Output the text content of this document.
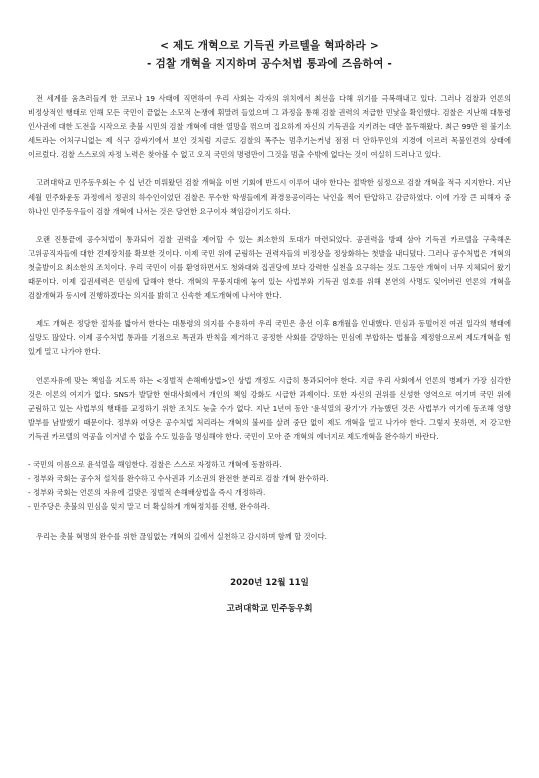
< 제도 개혁으로 기득권 카르텔을 혁파하라 >
- 검찰 개혁을 지지하며 공수처법 통과에 즈음하여 -

전 세계를 움츠러들게 한 코로나 19 사태에 직면하여 우리 사회는 각자의 위치에서 최선을 다해 위기를 극복해내고 있다. 그러나 검찰과 언론의 비정상적인 행태로 인해 모든 국민이 끝없는 소모적 논쟁에 휘말려 들었으며 그 과정을 통해 검찰 권력의 저급한 민낯을 확인했다. 검찰은 지난해 대통령 인사권에 대한 도전을 시작으로 촛불 시민의 검찰 개혁에 대한 열망을 꺾으며 집요하게 자신의 기득권을 지키려는 대만 몰두해왔다. 최근 99만 원 불기소 세트라는 어처구니없는 제 식구 감싸기에서 보인 것처럼 지금도 검찰의 폭주는 멈추기는커녕 점점 더 안하무인의 지경에 이르러 목불인견의 상태에 이르렀다. 검찰 스스로의 자정 노력은 찾아볼 수 없고 오직 국민의 명령만이 그것을 멈출 수밖에 없다는 것이 여실히 드러나고 있다.

고려대학교 민주동우회는 수 십 년간 미뤄왔던 검찰 개혁을 이번 기회에 반드시 이루어 내야 한다는 절박한 심정으로 검찰 개혁을 적극 지지한다. 지난 세월 민주화운동 과정에서 정권의 하수인이었던 검찰은 무수한 학생들에게 좌경용공이라는 낙인을 찍어 탄압하고 감금하였다. 이에 가장 큰 피해자 중 하나인 민주동우들이 검찰 개혁에 나서는 것은 당연한 요구이자 책임감이기도 하다.

오랜 진통끝에 공수처법이 통과되어 검찰 권력을 제어할 수 있는 최소한의 토대가 마련되었다. 공권력을 방패 삼아 기득권 카르텔을 구축해온 고위공직자들에 대한 견제장치를 확보한 것이다. 이제 국민 위에 군림하는 권력자들의 비정상을 정상화하는 첫발을 내디뎠다. 그러나 공수처법은 개혁의 첫출발이요 최소한의 조치이다. 우리 국민이 이를 환영하면서도 청와대와 집권당에 보다 강력한 실천을 요구하는 것도 그동안 개혁이 너무 지체되어 왔기 때문이다. 이제 집권세력은 민심에 답해야 한다. 개혁의 무풍지대에 놓여 있는 사법부와 기득권 엄호를 위해 본연의 사명도 잊어버린 언론의 개혁을 검찰개혁과 동시에 진행하겠다는 의지를 밝히고 신속한 제도개혁에 나서야 한다.

제도 개혁은 정당한 절차를 밟아서 한다는 대통령의 의지를 수용하여 우리 국민은 총선 이후 8개월을 인내했다. 민심과 동떨어진 여권 일각의 행태에 실망도 많았다. 이제 공수처법 통과를 기점으로 특권과 반칙을 제거하고 공정한 사회를 갈망하는 민심에 부합하는 법률을 제정함으로써 제도개혁을 힘 있게 밀고 나가야 한다.

언론자유에 맞는 책임을 지도록 하는 <징벌적 손해배상법>인 상법 개정도 시급히 통과되어야 한다. 지금 우리 사회에서 언론의 병폐가 가장 심각한 것은 이론의 여지가 없다. SNS가 발달한 현대사회에서 개인의 책임 강화도 시급한 과제이다. 또한 자신의 권위를 신성한 영역으로 여기며 국민 위에 군림하고 있는 사법부의 행태를 교정하기 위한 조치도 늦출 수가 없다. 지난 1년여 동안 '윤석열의 광기'가 가능했던 것은 사법부가 여기에 동조해 영향 발부를 남발했기 때문이다. 정부와 여당은 공수처법 처리라는 개혁의 불씨를 살려 중단 없이 제도 개혁을 밀고 나가야 한다. 그렇지 못하면, 저 강고한 기득권 카르텔의 역공을 이겨낼 수 없을 수도 있음을 명심해야 한다. 국민이 모아 준 개혁의 에너지로 제도개혁을 완수하기 바란다.

- 국민의 이름으로 윤석열을 해임한다. 검찰은 스스로 자정하고 개혁에 동참하라.
- 정부와 국회는 공수처 설치를 완수하고 수사권과 기소권의 완전한 분리로 검찰 개혁 완수하라.
- 정부와 국회는 언론의 자유에 걸맞은 징벌적 손해배상법을 즉시 개정하라.
- 민주당은 촛불의 민심을 잊지 말고 더 확실하게 개혁정치를 진행, 완수하라.

우리는 촛불 혁명의 완수를 위한 끊임없는 개혁의 길에서 실천하고 감시하며 함께 할 것이다.

2020년 12월 11일

고려대학교 민주동우회
